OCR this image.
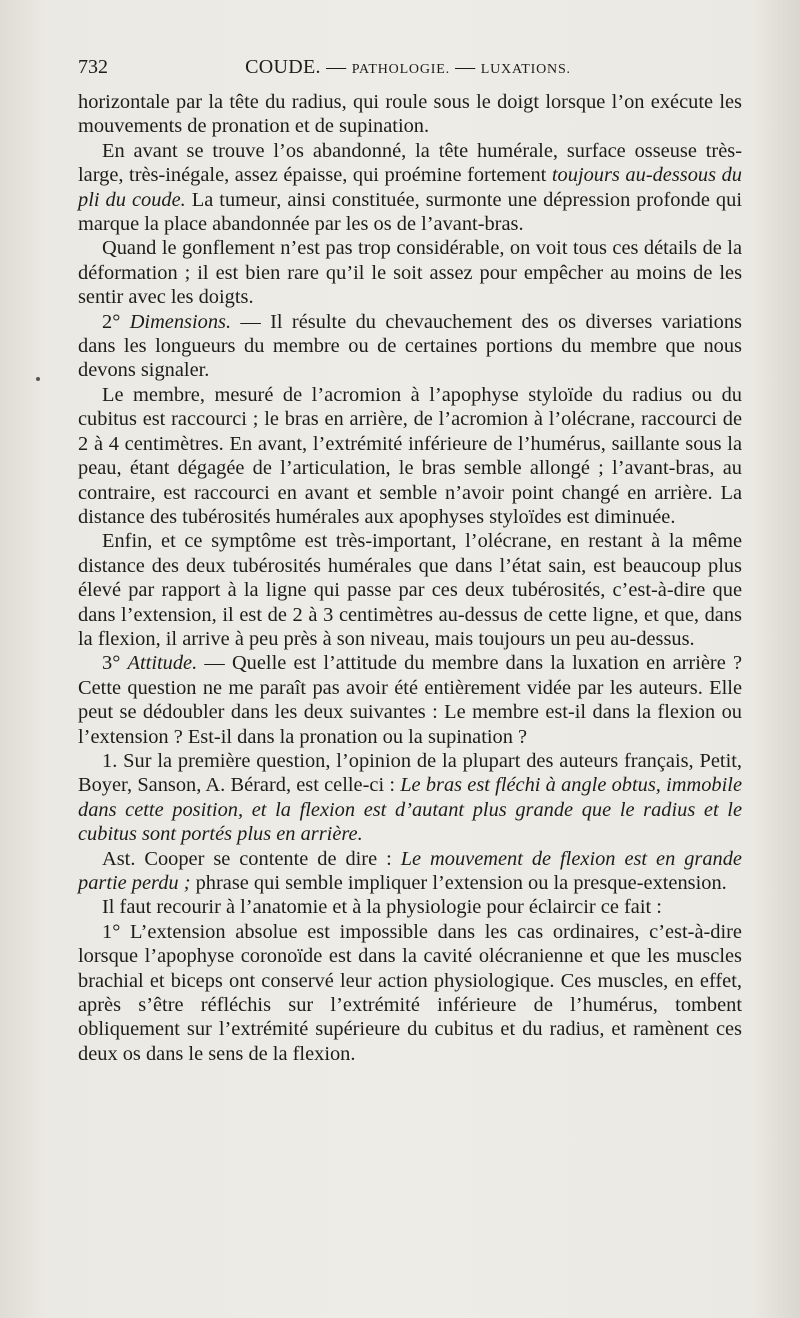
732	COUDE. — PATHOLOGIE. — LUXATIONS.

horizontale par la tête du radius, qui roule sous le doigt lorsque l’on exécute les mouvements de pronation et de supination.

En avant se trouve l’os abandonné, la tête humérale, surface osseuse très-large, très-inégale, assez épaisse, qui proémine fortement toujours au-dessous du pli du coude. La tumeur, ainsi constituée, surmonte une dépression profonde qui marque la place abandonnée par les os de l’avant-bras.

Quand le gonflement n’est pas trop considérable, on voit tous ces détails de la déformation ; il est bien rare qu’il le soit assez pour empêcher au moins de les sentir avec les doigts.

2° Dimensions. — Il résulte du chevauchement des os diverses variations dans les longueurs du membre ou de certaines portions du membre que nous devons signaler.

Le membre, mesuré de l’acromion à l’apophyse styloïde du radius ou du cubitus est raccourci ; le bras en arrière, de l’acromion à l’olécrane, raccourci de 2 à 4 centimètres. En avant, l’extrémité inférieure de l’humérus, saillante sous la peau, étant dégagée de l’articulation, le bras semble allongé ; l’avant-bras, au contraire, est raccourci en avant et semble n’avoir point changé en arrière. La distance des tubérosités humérales aux apophyses styloïdes est diminuée.

Enfin, et ce symptôme est très-important, l’olécrane, en restant à la même distance des deux tubérosités humérales que dans l’état sain, est beaucoup plus élevé par rapport à la ligne qui passe par ces deux tubérosités, c’est-à-dire que dans l’extension, il est de 2 à 3 centimètres au-dessus de cette ligne, et que, dans la flexion, il arrive à peu près à son niveau, mais toujours un peu au-dessus.

3° Attitude. — Quelle est l’attitude du membre dans la luxation en arrière ? Cette question ne me paraît pas avoir été entièrement vidée par les auteurs. Elle peut se dédoubler dans les deux suivantes : Le membre est-il dans la flexion ou l’extension ? Est-il dans la pronation ou la supination ?

1. Sur la première question, l’opinion de la plupart des auteurs français, Petit, Boyer, Sanson, A. Bérard, est celle-ci : Le bras est fléchi à angle obtus, immobile dans cette position, et la flexion est d’autant plus grande que le radius et le cubitus sont portés plus en arrière.

Ast. Cooper se contente de dire : Le mouvement de flexion est en grande partie perdu ; phrase qui semble impliquer l’extension ou la presque-extension.

Il faut recourir à l’anatomie et à la physiologie pour éclaircir ce fait :

1° L’extension absolue est impossible dans les cas ordinaires, c’est-à-dire lorsque l’apophyse coronoïde est dans la cavité olécranienne et que les muscles brachial et biceps ont conservé leur action physiologique. Ces muscles, en effet, après s’être réfléchis sur l’extrémité inférieure de l’humérus, tombent obliquement sur l’extrémité supérieure du cubitus et du radius, et ramènent ces deux os dans le sens de la flexion.
